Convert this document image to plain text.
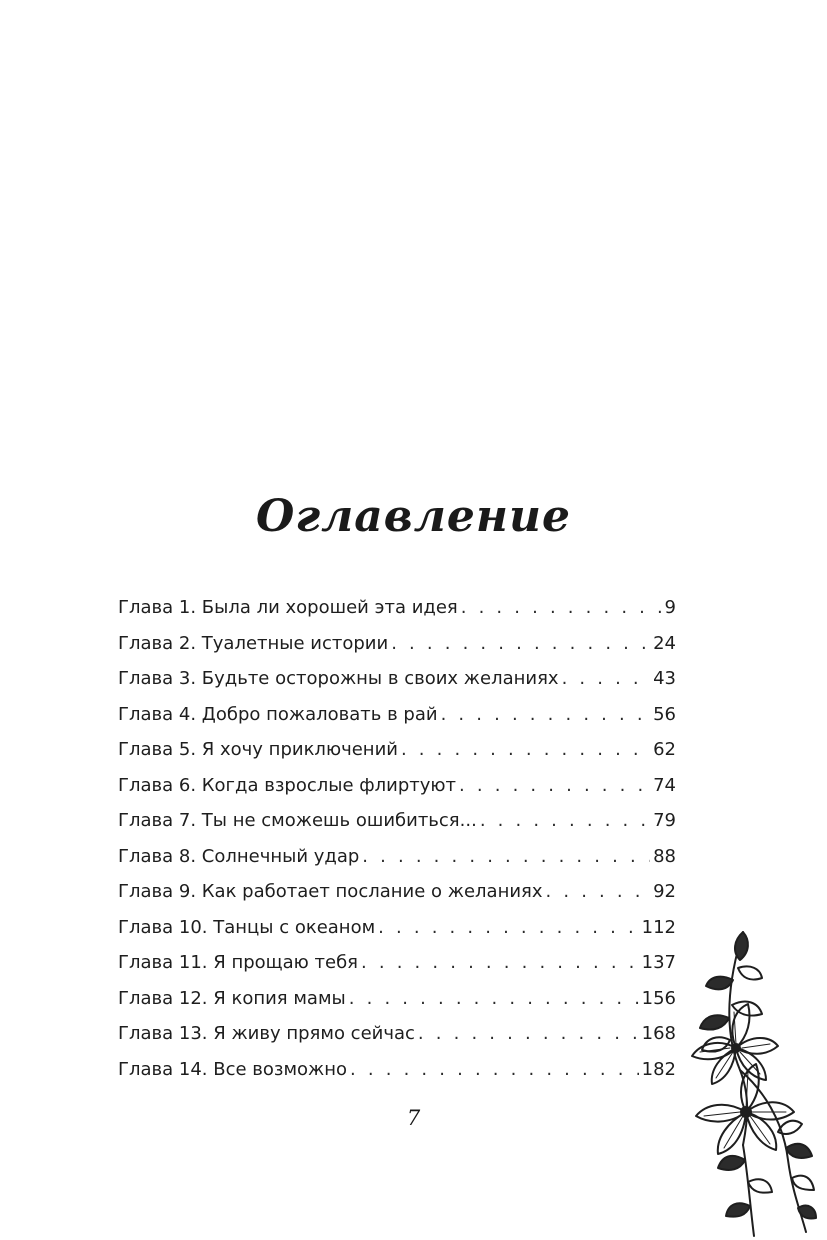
Оглавление
Глава 1. Была ли хорошей эта идея . . .	9
Глава 2. Туалетные истории . . .	24
Глава 3. Будьте осторожны в своих желаниях . . .	43
Глава 4. Добро пожаловать в рай . . .	56
Глава 5. Я хочу приключений . . .	62
Глава 6. Когда взрослые флиртуют . . .	74
Глава 7. Ты не сможешь ошибиться... . . .	79
Глава 8. Солнечный удар . . .	88
Глава 9. Как работает послание о желаниях . . .	92
Глава 10. Танцы с океаном . . .	112
Глава 11. Я прощаю тебя . . .	137
Глава 12. Я копия мамы . . .	156
Глава 13. Я живу прямо сейчас . . .	168
Глава 14. Все возможно . . .	182
7
